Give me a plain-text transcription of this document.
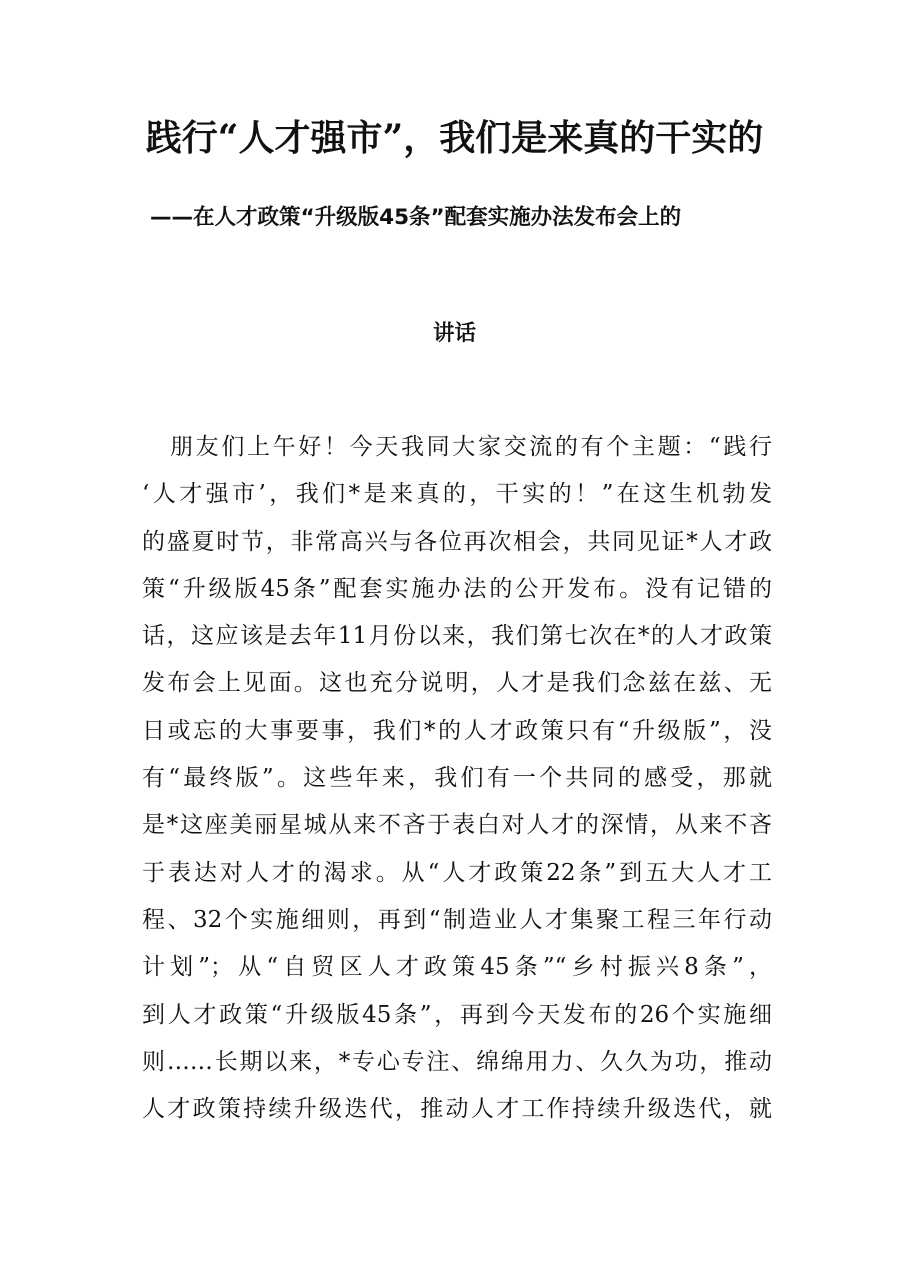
践行“人才强市”，我们是来真的干实的
——在人才政策“升级版45条”配套实施办法发布会上的
讲话
朋友们上午好！今天我同大家交流的有个主题：“践行
‘人才强市’，我们*是来真的，干实的！”在这生机勃发
的盛夏时节，非常高兴与各位再次相会，共同见证*人才政
策“升级版45条”配套实施办法的公开发布。没有记错的
话，这应该是去年11月份以来，我们第七次在*的人才政策
发布会上见面。这也充分说明，人才是我们念兹在兹、无
日或忘的大事要事，我们*的人才政策只有“升级版”，没
有“最终版”。这些年来，我们有一个共同的感受，那就
是*这座美丽星城从来不吝于表白对人才的深情，从来不吝
于表达对人才的渴求。从“人才政策22条”到五大人才工
程、32个实施细则，再到“制造业人才集聚工程三年行动
计划”；从“自贸区人才政策45条”“乡村振兴8条”，
到人才政策“升级版45条”，再到今天发布的26个实施细
则……长期以来，*专心专注、绵绵用力、久久为功，推动
人才政策持续升级迭代，推动人才工作持续升级迭代，就
